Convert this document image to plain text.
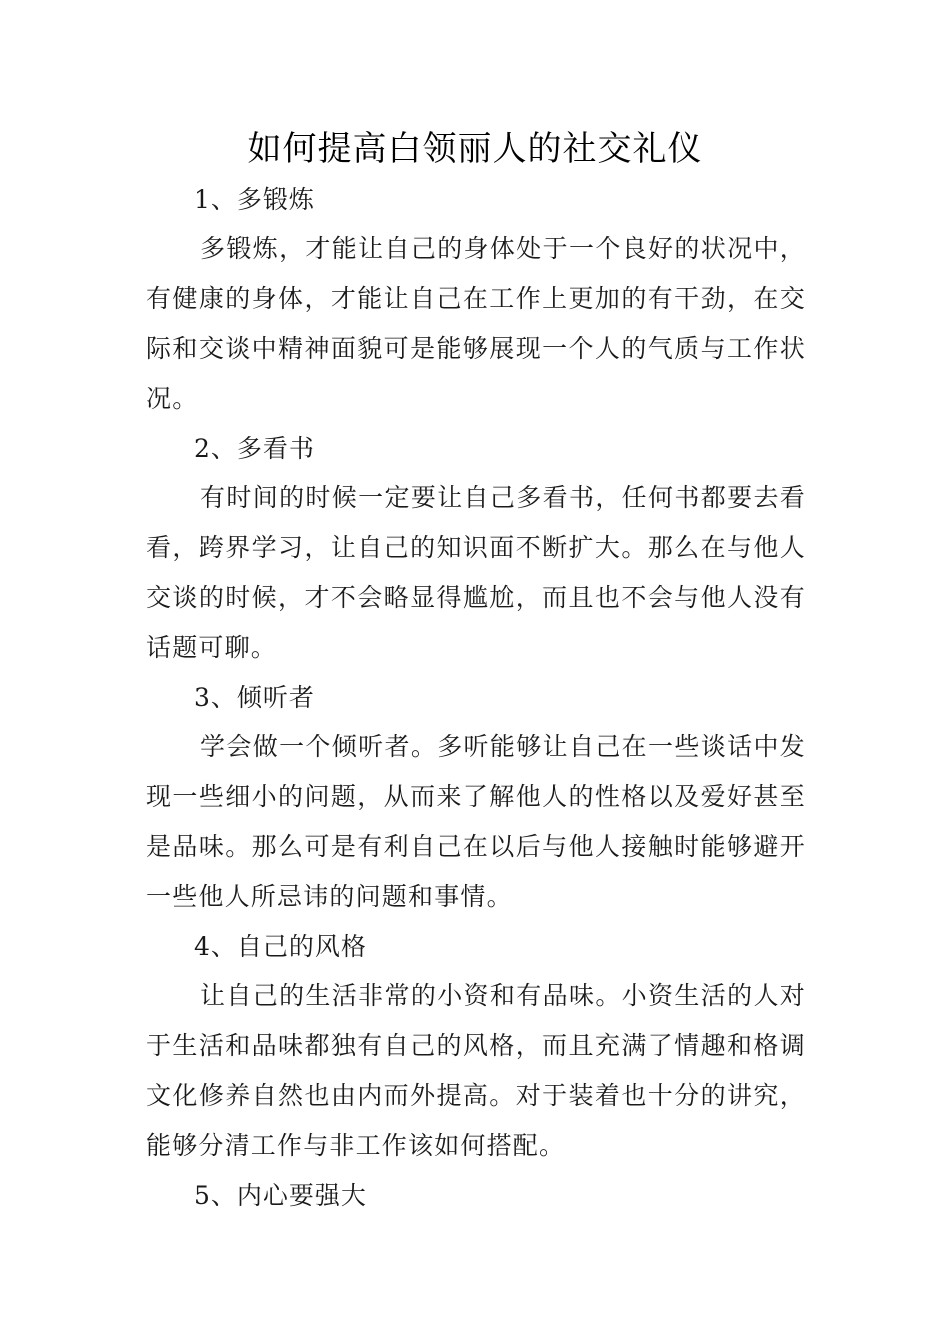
如何提高白领丽人的社交礼仪
1、多锻炼

多锻炼，才能让自己的身体处于一个良好的状况中，有健康的身体，才能让自己在工作上更加的有干劲，在交际和交谈中精神面貌可是能够展现一个人的气质与工作状况。

2、多看书

有时间的时候一定要让自己多看书，任何书都要去看看，跨界学习，让自己的知识面不断扩大。那么在与他人交谈的时候，才不会略显得尴尬，而且也不会与他人没有话题可聊。

3、倾听者

学会做一个倾听者。多听能够让自己在一些谈话中发现一些细小的问题，从而来了解他人的性格以及爱好甚至是品味。那么可是有利自己在以后与他人接触时能够避开一些他人所忌讳的问题和事情。

4、自己的风格

让自己的生活非常的小资和有品味。小资生活的人对于生活和品味都独有自己的风格，而且充满了情趣和格调文化修养自然也由内而外提高。对于装着也十分的讲究，能够分清工作与非工作该如何搭配。

5、内心要强大
